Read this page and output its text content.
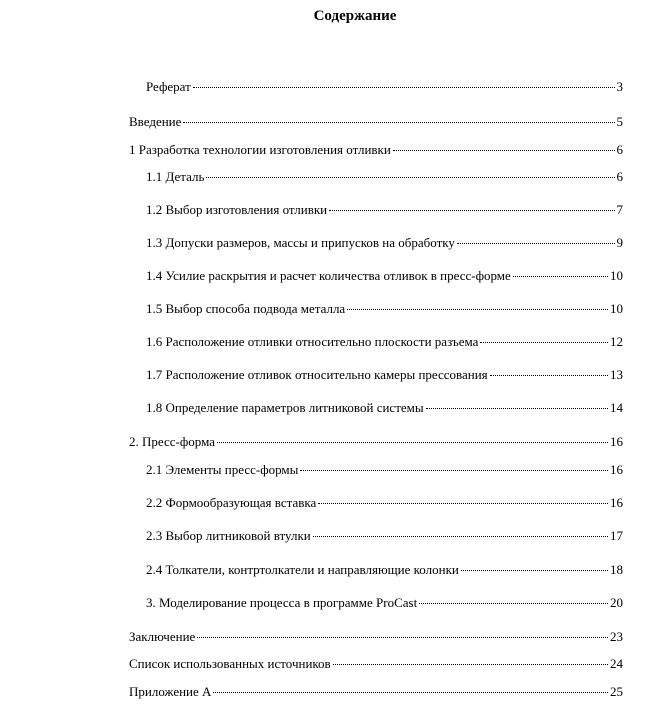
Содержание
Реферат	3
Введение	5
1 Разработка технологии изготовления отливки	6
1.1 Деталь	6
1.2 Выбор изготовления отливки	7
1.3 Допуски размеров, массы и припусков на обработку	9
1.4 Усилие раскрытия и расчет количества отливок в пресс-форме	10
1.5 Выбор способа подвода металла	10
1.6 Расположение отливки относительно плоскости разъема	12
1.7 Расположение отливок относительно камеры прессования	13
1.8 Определение параметров литниковой системы	14
2. Пресс-форма	16
2.1 Элементы пресс-формы	16
2.2 Формообразующая вставка	16
2.3 Выбор литниковой втулки	17
2.4 Толкатели, контртолкатели и направляющие колонки	18
3. Моделирование процесса в программе ProCast	20
Заключение	23
Список использованных источников	24
Приложение А	25
